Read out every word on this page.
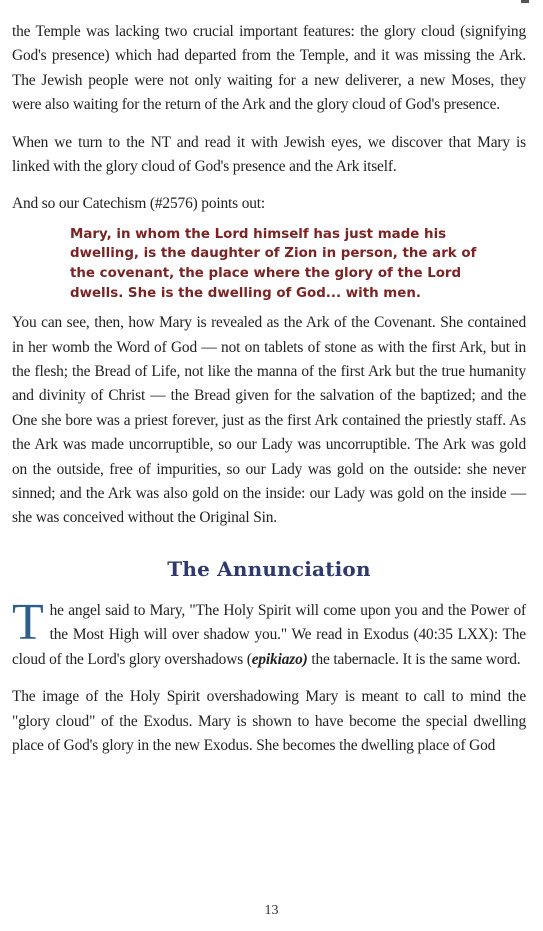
the Temple was lacking two crucial important features: the glory cloud (signifying God's presence) which had departed from the Temple, and it was missing the Ark. The Jewish people were not only waiting for a new deliverer, a new Moses, they were also waiting for the return of the Ark and the glory cloud of God's presence.

When we turn to the NT and read it with Jewish eyes, we discover that Mary is linked with the glory cloud of God's presence and the Ark itself.

And so our Catechism (#2576) points out:

Mary, in whom the Lord himself has just made his dwelling, is the daughter of Zion in person, the ark of the covenant, the place where the glory of the Lord dwells. She is the dwelling of God... with men.

You can see, then, how Mary is revealed as the Ark of the Covenant. She contained in her womb the Word of God — not on tablets of stone as with the first Ark, but in the flesh; the Bread of Life, not like the manna of the first Ark but the true humanity and divinity of Christ — the Bread given for the salvation of the baptized; and the One she bore was a priest forever, just as the first Ark contained the priestly staff. As the Ark was made uncorruptible, so our Lady was uncorruptible. The Ark was gold on the outside, free of impurities, so our Lady was gold on the outside: she never sinned; and the Ark was also gold on the inside: our Lady was gold on the inside — she was conceived without the Original Sin.

The Annunciation

The angel said to Mary, "The Holy Spirit will come upon you and the Power of the Most High will over shadow you." We read in Exodus (40:35 LXX): The cloud of the Lord's glory overshadows (epikiazo) the tabernacle. It is the same word.

The image of the Holy Spirit overshadowing Mary is meant to call to mind the "glory cloud" of the Exodus. Mary is shown to have become the special dwelling place of God's glory in the new Exodus. She becomes the dwelling place of God

13
